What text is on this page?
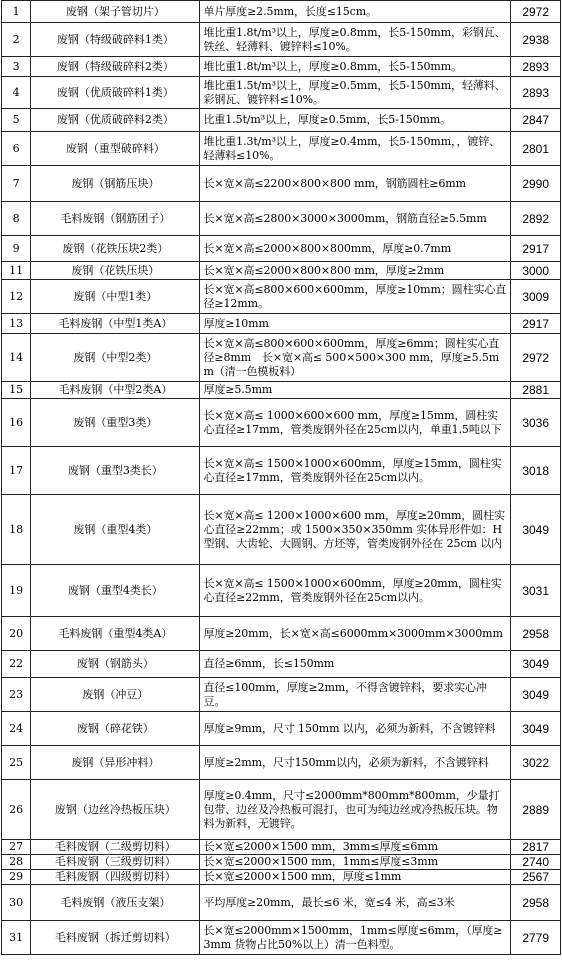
1	废钢（架子管切片）	单片厚度≥2.5mm，长度≤15cm。	2972
2	废钢（特级破碎料1类）	堆比重1.8t/m³以上，厚度≥0.8mm，长5-150mm，彩钢瓦、铁丝、轻薄料、镀锌料≤10%。	2938
3	废钢（特级破碎料2类）	堆比重1.8t/m³以上，厚度≥0.8mm，长5-150mm。	2893
4	废钢（优质破碎料1类）	堆比重1.5t/m³以上，厚度≥0.5mm，长5-150mm，轻薄料、彩钢瓦、镀锌料≤10%。	2893
5	废钢（优质破碎料2类）	比重1.5t/m³以上，厚度≥0.5mm，长5-150mm。	2847
6	废钢（重型破碎料）	堆比重1.3t/m³以上，厚度≥0.4mm，长5-150mm，，镀锌、轻薄料≤10%。	2801
7	废钢（钢筋压块）	长×宽×高≤2200×800×800 mm，钢筋圆柱≥6mm	2990
8	毛料废钢（钢筋团子）	长×宽×高≤2800×3000×3000mm，钢筋直径≥5.5mm	2892
9	废钢（花铁压块2类）	长×宽×高≤2000×800×800mm，厚度≥0.7mm	2917
11	废钢（花铁压块）	长×宽×高≤2000×800×800 mm，厚度≥2mm	3000
12	废钢（中型1类）	长×宽×高≤800×600×600mm，厚度≥10mm；圆柱实心直径≥12mm。	3009
13	毛料废钢（中型1类A）	厚度≥10mm	2917
14	废钢（中型2类）	长×宽×高≤800×600×600mm，厚度≥6mm；圆柱实心直径≥8mm　长×宽×高≤ 500×500×300 mm，厚度≥5.5mm（清一色模板料）	2972
15	毛料废钢（中型2类A）	厚度≥5.5mm	2881
16	废钢（重型3类）	长×宽×高≤ 1000×600×600 mm，厚度≥15mm，圆柱实心直径≥17mm，管类废钢外径在25cm以内，单重1.5吨以下	3036
17	废钢（重型3类长）	长×宽×高≤ 1500×1000×600mm，厚度≥15mm，圆柱实心直径≥17mm，管类废钢外径在25cm以内。	3018
18	废钢（重型4类）	长×宽×高≤ 1200×1000×600 mm，厚度≥20mm，圆柱实心直径≥22mm；或 1500×350×350mm 实体异形件如：H 型钢、大齿轮、大圆钢、方坯等，管类废钢外径在 25cm 以内	3049
19	废钢（重型4类长）	长×宽×高≤ 1500×1000×600mm，厚度≥20mm，圆柱实心直径≥22mm，管类废钢外径在25cm以内。	3031
20	毛料废钢（重型4类A）	厚度≥20mm，长×宽×高≤6000mm×3000mm×3000mm	2958
22	废钢（钢筋头）	直径≥6mm，长≤150mm	3049
23	废钢（冲豆）	直径≤100mm，厚度≥2mm，不得含镀锌料，要求实心冲豆。	3049
24	废钢（碎花铁）	厚度≥9mm，尺寸 150mm 以内，必须为新料，不含镀锌料	3049
25	废钢（异形冲料）	厚度≥2mm，尺寸150mm以内，必须为新料，不含镀锌料	3022
26	废钢（边丝冷热板压块）	厚度≥0.4mm，尺寸≤2000mm*800mm*800mm，少量打包带、边丝及冷热板可混打，也可为纯边丝或冷热板压块。物料为新料，无镀锌。	2889
27	毛料废钢（二级剪切料）	长×宽≤2000×1500 mm，3mm≤厚度≤6mm	2817
28	毛料废钢（三级剪切料）	长×宽≤2000×1500 mm，1mm≤厚度≤3mm	2740
29	毛料废钢（四级剪切料）	长×宽≤2000×1500 mm，厚度≤1mm	2567
30	毛料废钢（液压支架）	平均厚度≥20mm，最长≤6 米，宽≤4 米，高≤3米	2958
31	毛料废钢（拆迁剪切料）	长×宽≤2000mm×1500mm，1mm≤厚度≤6mm，（厚度≥3mm 货物占比50%以上）清一色料型。	2779
